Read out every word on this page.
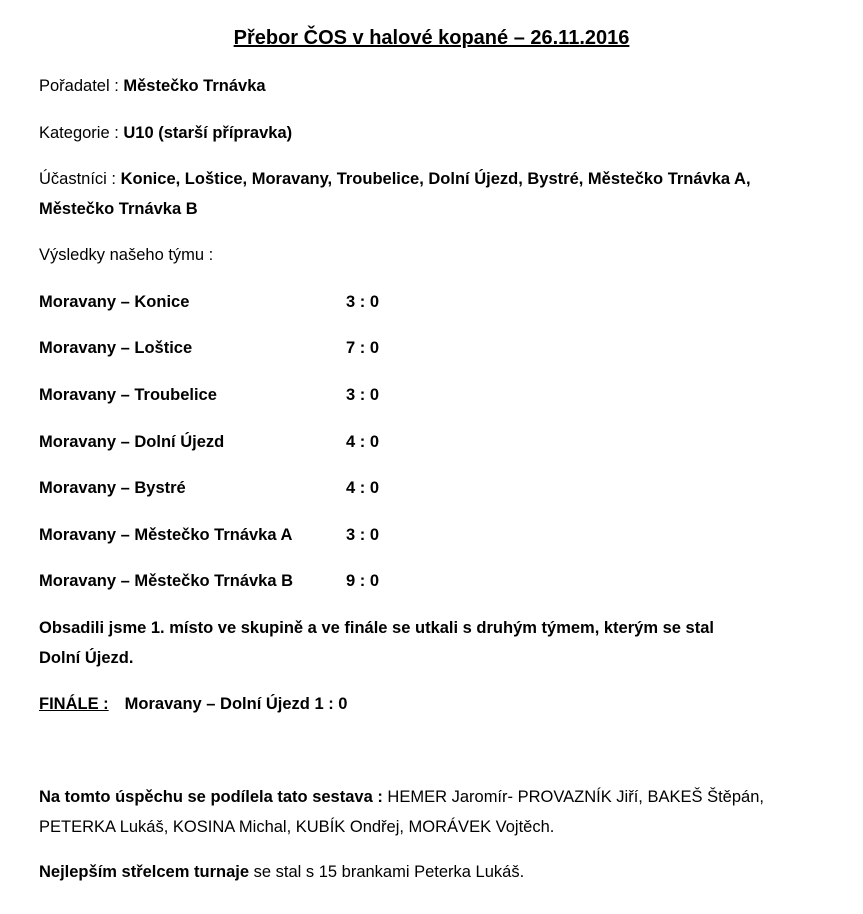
Přebor ČOS v halové kopané – 26.11.2016
Pořadatel : Městečko Trnávka
Kategorie : U10 (starší přípravka)
Účastníci : Konice, Loštice, Moravany, Troubelice, Dolní Újezd, Bystré, Městečko Trnávka A,
Městečko Trnávka B
Výsledky našeho týmu :
Moravany – Konice	3 : 0
Moravany – Loštice	7 : 0
Moravany – Troubelice	3 : 0
Moravany – Dolní Újezd	4 : 0
Moravany – Bystré	4 : 0
Moravany – Městečko Trnávka A	3 : 0
Moravany – Městečko Trnávka B	9 : 0
Obsadili jsme 1. místo ve skupině a ve finále se utkali s druhým týmem, kterým se stal
Dolní Újezd.
FINÁLE : Moravany – Dolní Újezd 1 : 0
Na tomto úspěchu se podílela tato sestava : HEMER Jaromír- PROVAZNÍK Jiří, BAKEŠ Štěpán,
PETERKA Lukáš, KOSINA Michal, KUBÍK Ondřej, MORÁVEK Vojtěch.
Nejlepším střelcem turnaje se stal s 15 brankami Peterka Lukáš.
